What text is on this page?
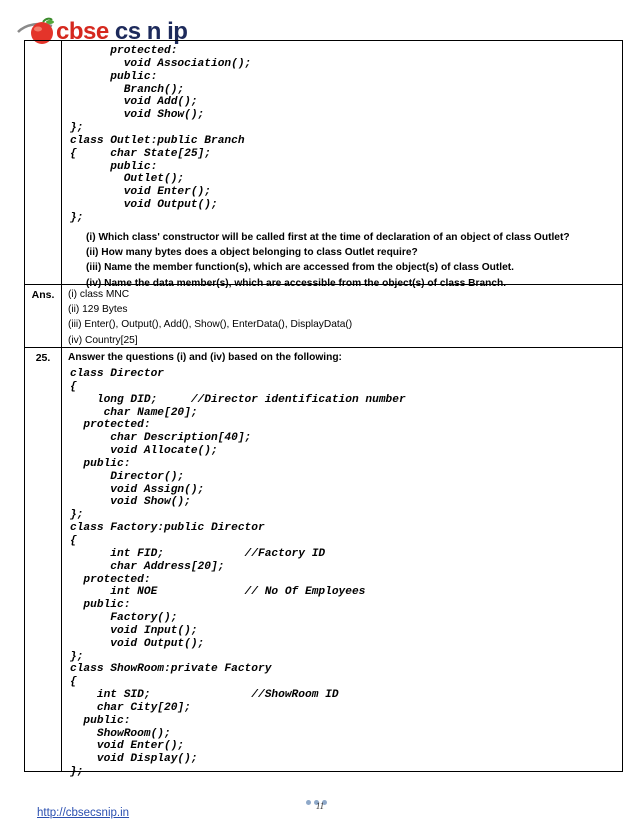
cbse cs n ip
protected:
void Association();
public:
Branch();
void Add();
void Show();
};
class Outlet:public Branch
{     char State[25];
public:
Outlet();
void Enter();
void Output();
};
(i) Which class' constructor will be called first at the time of declaration of an object of class Outlet?
(ii) How many bytes does a object belonging to class Outlet require?
(iii) Name the member function(s), which are accessed from the object(s) of class Outlet.
(iv) Name the data member(s), which are accessible from the object(s) of class Branch.
Ans.	(i) class MNC
(ii) 129 Bytes
(iii) Enter(), Output(), Add(), Show(), EnterData(), DisplayData()
(iv) Country[25]
25.	Answer the questions (i) and (iv) based on the following:
class Director
{
long DID;     //Director identification number
char Name[20];
protected:
char Description[40];
void Allocate();
public:
Director();
void Assign();
void Show();
};
class Factory:public Director
{
int FID;            //Factory ID
char Address[20];
protected:
int NOE             // No Of Employees
public:
Factory();
void Input();
void Output();
};
class ShowRoom:private Factory
{
int SID;               //ShowRoom ID
char City[20];
public:
ShowRoom();
void Enter();
void Display();
};
11
http://cbsecsnip.in
